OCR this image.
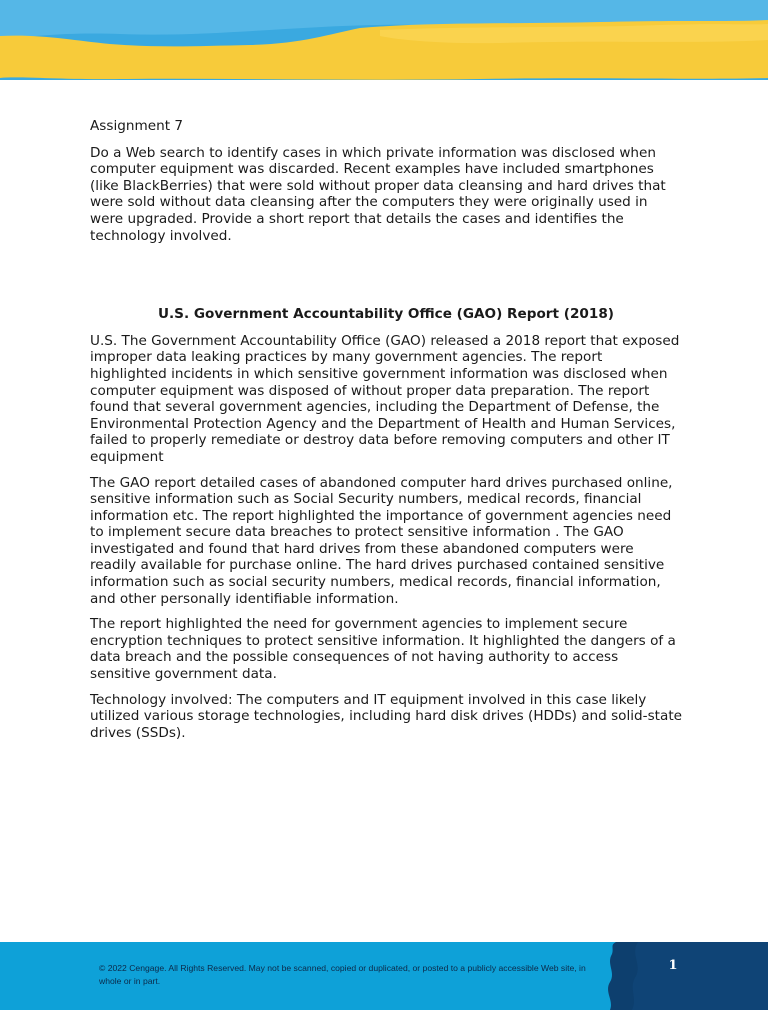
Assignment 7

Do a Web search to identify cases in which private information was disclosed when computer equipment was discarded. Recent examples have included smartphones (like BlackBerries) that were sold without proper data cleansing and hard drives that were sold without data cleansing after the computers they were originally used in were upgraded. Provide a short report that details the cases and identifies the technology involved.

U.S. Government Accountability Office (GAO) Report (2018)

U.S. The Government Accountability Office (GAO) released a 2018 report that exposed improper data leaking practices by many government agencies. The report highlighted incidents in which sensitive government information was disclosed when computer equipment was disposed of without proper data preparation. The report found that several government agencies, including the Department of Defense, the Environmental Protection Agency and the Department of Health and Human Services, failed to properly remediate or destroy data before removing computers and other IT equipment

The GAO report detailed cases of abandoned computer hard drives purchased online, sensitive information such as Social Security numbers, medical records, financial information etc. The report highlighted the importance of government agencies need to implement secure data breaches to protect sensitive information . The GAO investigated and found that hard drives from these abandoned computers were readily available for purchase online. The hard drives purchased contained sensitive information such as social security numbers, medical records, financial information, and other personally identifiable information.

The report highlighted the need for government agencies to implement secure encryption techniques to protect sensitive information. It highlighted the dangers of a data breach and the possible consequences of not having authority to access sensitive government data.

Technology involved: The computers and IT equipment involved in this case likely utilized various storage technologies, including hard disk drives (HDDs) and solid-state drives (SSDs).

© 2022 Cengage. All Rights Reserved. May not be scanned, copied or duplicated, or posted to a publicly accessible Web site, in whole or in part.
1
